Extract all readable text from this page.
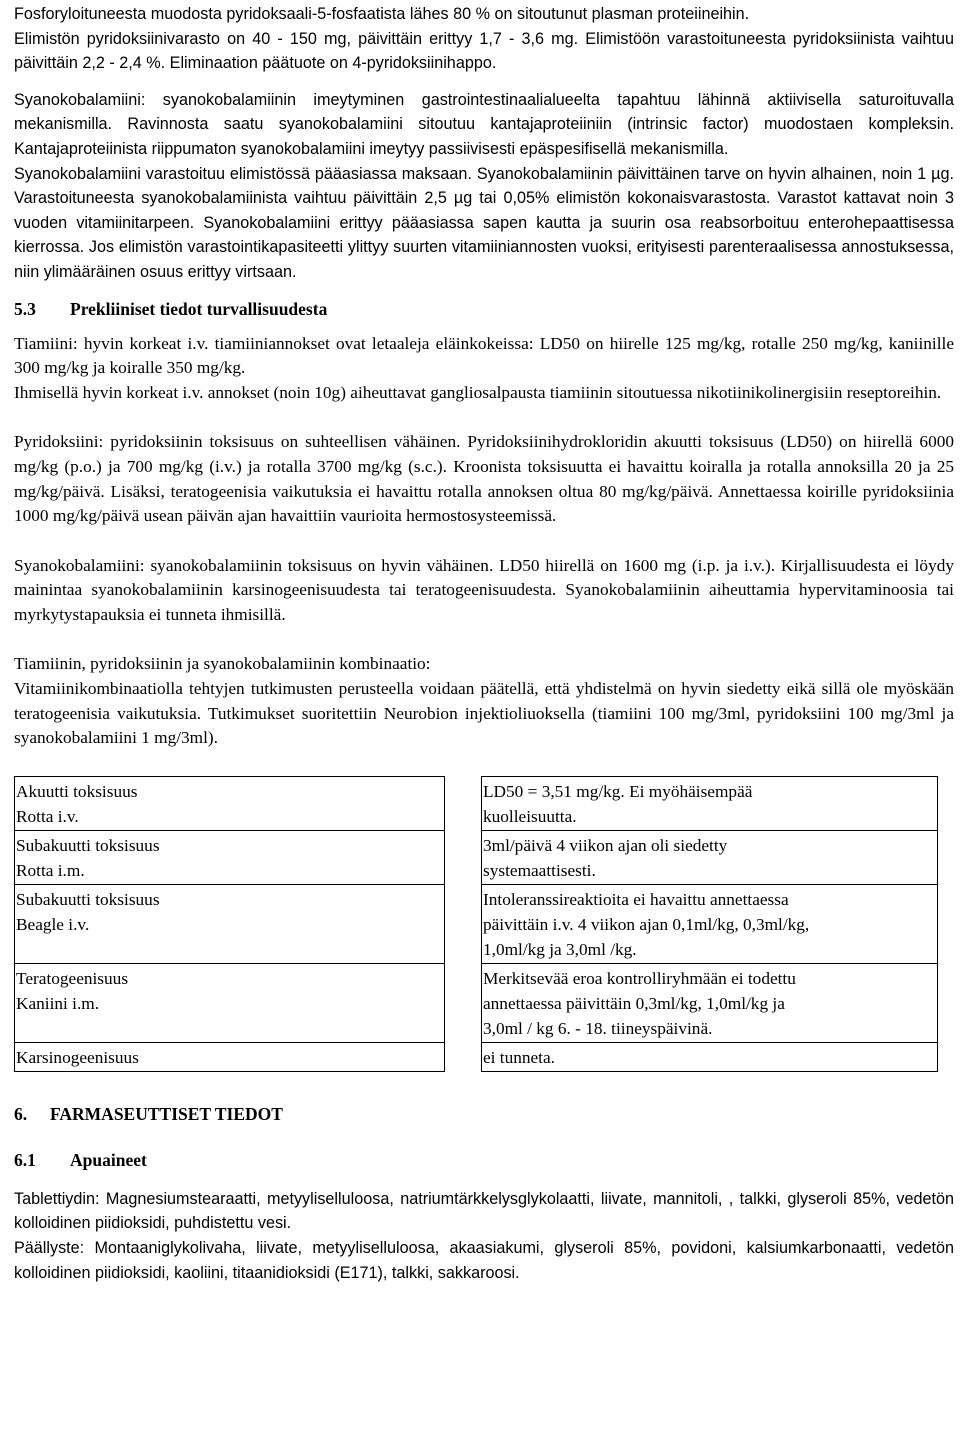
Fosforyloituneesta muodosta pyridoksaali-5-fosfaatista lähes 80 % on sitoutunut plasman proteiineihin.

Elimistön pyridoksiinivarasto on 40 - 150 mg, päivittäin erittyy 1,7 - 3,6 mg. Elimistöön varastoituneesta pyridoksiinista vaihtuu päivittäin 2,2 - 2,4 %. Eliminaation päätuote on 4-pyridoksiinihappo.

Syanokobalamiini: syanokobalamiinin imeytyminen gastrointestinaalialueelta tapahtuu lähinnä aktiivisella saturoituvalla mekanismilla. Ravinnosta saatu syanokobalamiini sitoutuu kantajaproteiiniin (intrinsic factor) muodostaen kompleksin. Kantajaproteiinista riippumaton syanokobalamiini imeytyy passiivisesti epäspesifisellä mekanismilla.

Syanokobalamiini varastoituu elimistössä pääasiassa maksaan. Syanokobalamiinin päivittäinen tarve on hyvin alhainen, noin 1 µg. Varastoituneesta syanokobalamiinista vaihtuu päivittäin 2,5 µg tai 0,05% elimistön kokonaisvarastosta. Varastot kattavat noin 3 vuoden vitamiinitarpeen. Syanokobalamiini erittyy pääasiassa sapen kautta ja suurin osa reabsorboituu enterohepaattisessa kierrossa. Jos elimistön varastointikapasiteetti ylittyy suurten vitamiiniannosten vuoksi, erityisesti parenteraalisessa annostuksessa, niin ylimääräinen osuus erittyy virtsaan.

5.3 Prekliiniset tiedot turvallisuudesta

Tiamiini: hyvin korkeat i.v. tiamiiniannokset ovat letaaleja eläinkokeissa: LD50 on hiirelle 125 mg/kg, rotalle 250 mg/kg, kaniinille 300 mg/kg ja koiralle 350 mg/kg.

Ihmisellä hyvin korkeat i.v. annokset (noin 10g) aiheuttavat gangliosalpausta tiamiinin sitoutuessa nikotiinikolinergisiin reseptoreihin.

Pyridoksiini: pyridoksiinin toksisuus on suhteellisen vähäinen. Pyridoksiinihydrokloridin akuutti toksisuus (LD50) on hiirellä 6000 mg/kg (p.o.) ja 700 mg/kg (i.v.) ja rotalla 3700 mg/kg (s.c.). Kroonista toksisuutta ei havaittu koiralla ja rotalla annoksilla 20 ja 25 mg/kg/päivä. Lisäksi, teratogeenisia vaikutuksia ei havaittu rotalla annoksen oltua 80 mg/kg/päivä. Annettaessa koirille pyridoksiinia 1000 mg/kg/päivä usean päivän ajan havaittiin vaurioita hermostosysteemissä.

Syanokobalamiini: syanokobalamiinin toksisuus on hyvin vähäinen. LD50 hiirellä on 1600 mg (i.p. ja i.v.). Kirjallisuudesta ei löydy mainintaa syanokobalamiinin karsinogeenisuudesta tai teratogeenisuudesta. Syanokobalamiinin aiheuttamia hypervitaminoosia tai myrkytystapauksia ei tunneta ihmisillä.

Tiamiinin, pyridoksiinin ja syanokobalamiinin kombinaatio:

Vitamiinikombinaatiolla tehtyjen tutkimusten perusteella voidaan päätellä, että yhdistelmä on hyvin siedetty eikä sillä ole myöskään teratogeenisia vaikutuksia. Tutkimukset suoritettiin Neurobion injektioliuoksella (tiamiini 100 mg/3ml, pyridoksiini 100 mg/3ml ja syanokobalamiini 1 mg/3ml).

Akuutti toksisuus
Rotta i.v.		LD50 = 3,51 mg/kg. Ei myöhäisempää
kuolleisuutta.

Subakuutti toksisuus
Rotta i.m.		3ml/päivä 4 viikon ajan oli siedetty
systemaattisesti.

Subakuutti toksisuus
Beagle i.v.		Intoleranssireaktioita ei havaittu annettaessa
päivittäin i.v. 4 viikon ajan 0,1ml/kg, 0,3ml/kg,
1,0ml/kg ja 3,0ml /kg.

Teratogeenisuus
Kaniini i.m.		Merkitsevää eroa kontrolliryhmään ei todettu
annettaessa päivittäin 0,3ml/kg, 1,0ml/kg ja
3,0ml / kg 6. - 18. tiineyspäivinä.

Karsinogeenisuus		ei tunneta.
6. FARMASEUTTISET TIEDOT
6.1 Apuaineet

Tablettiydin: Magnesiumstearaatti, metyyliselluloosa, natriumtärkkelysglykolaatti, liivate, mannitoli, , talkki, glyseroli 85%, vedetön kolloidinen piidioksidi, puhdistettu vesi.

Päällyste: Montaaniglykolivaha, liivate, metyyliselluloosa, akaasiakumi, glyseroli 85%, povidoni, kalsiumkarbonaatti, vedetön kolloidinen piidioksidi, kaoliini, titaanidioksidi (E171), talkki, sakkaroosi.
